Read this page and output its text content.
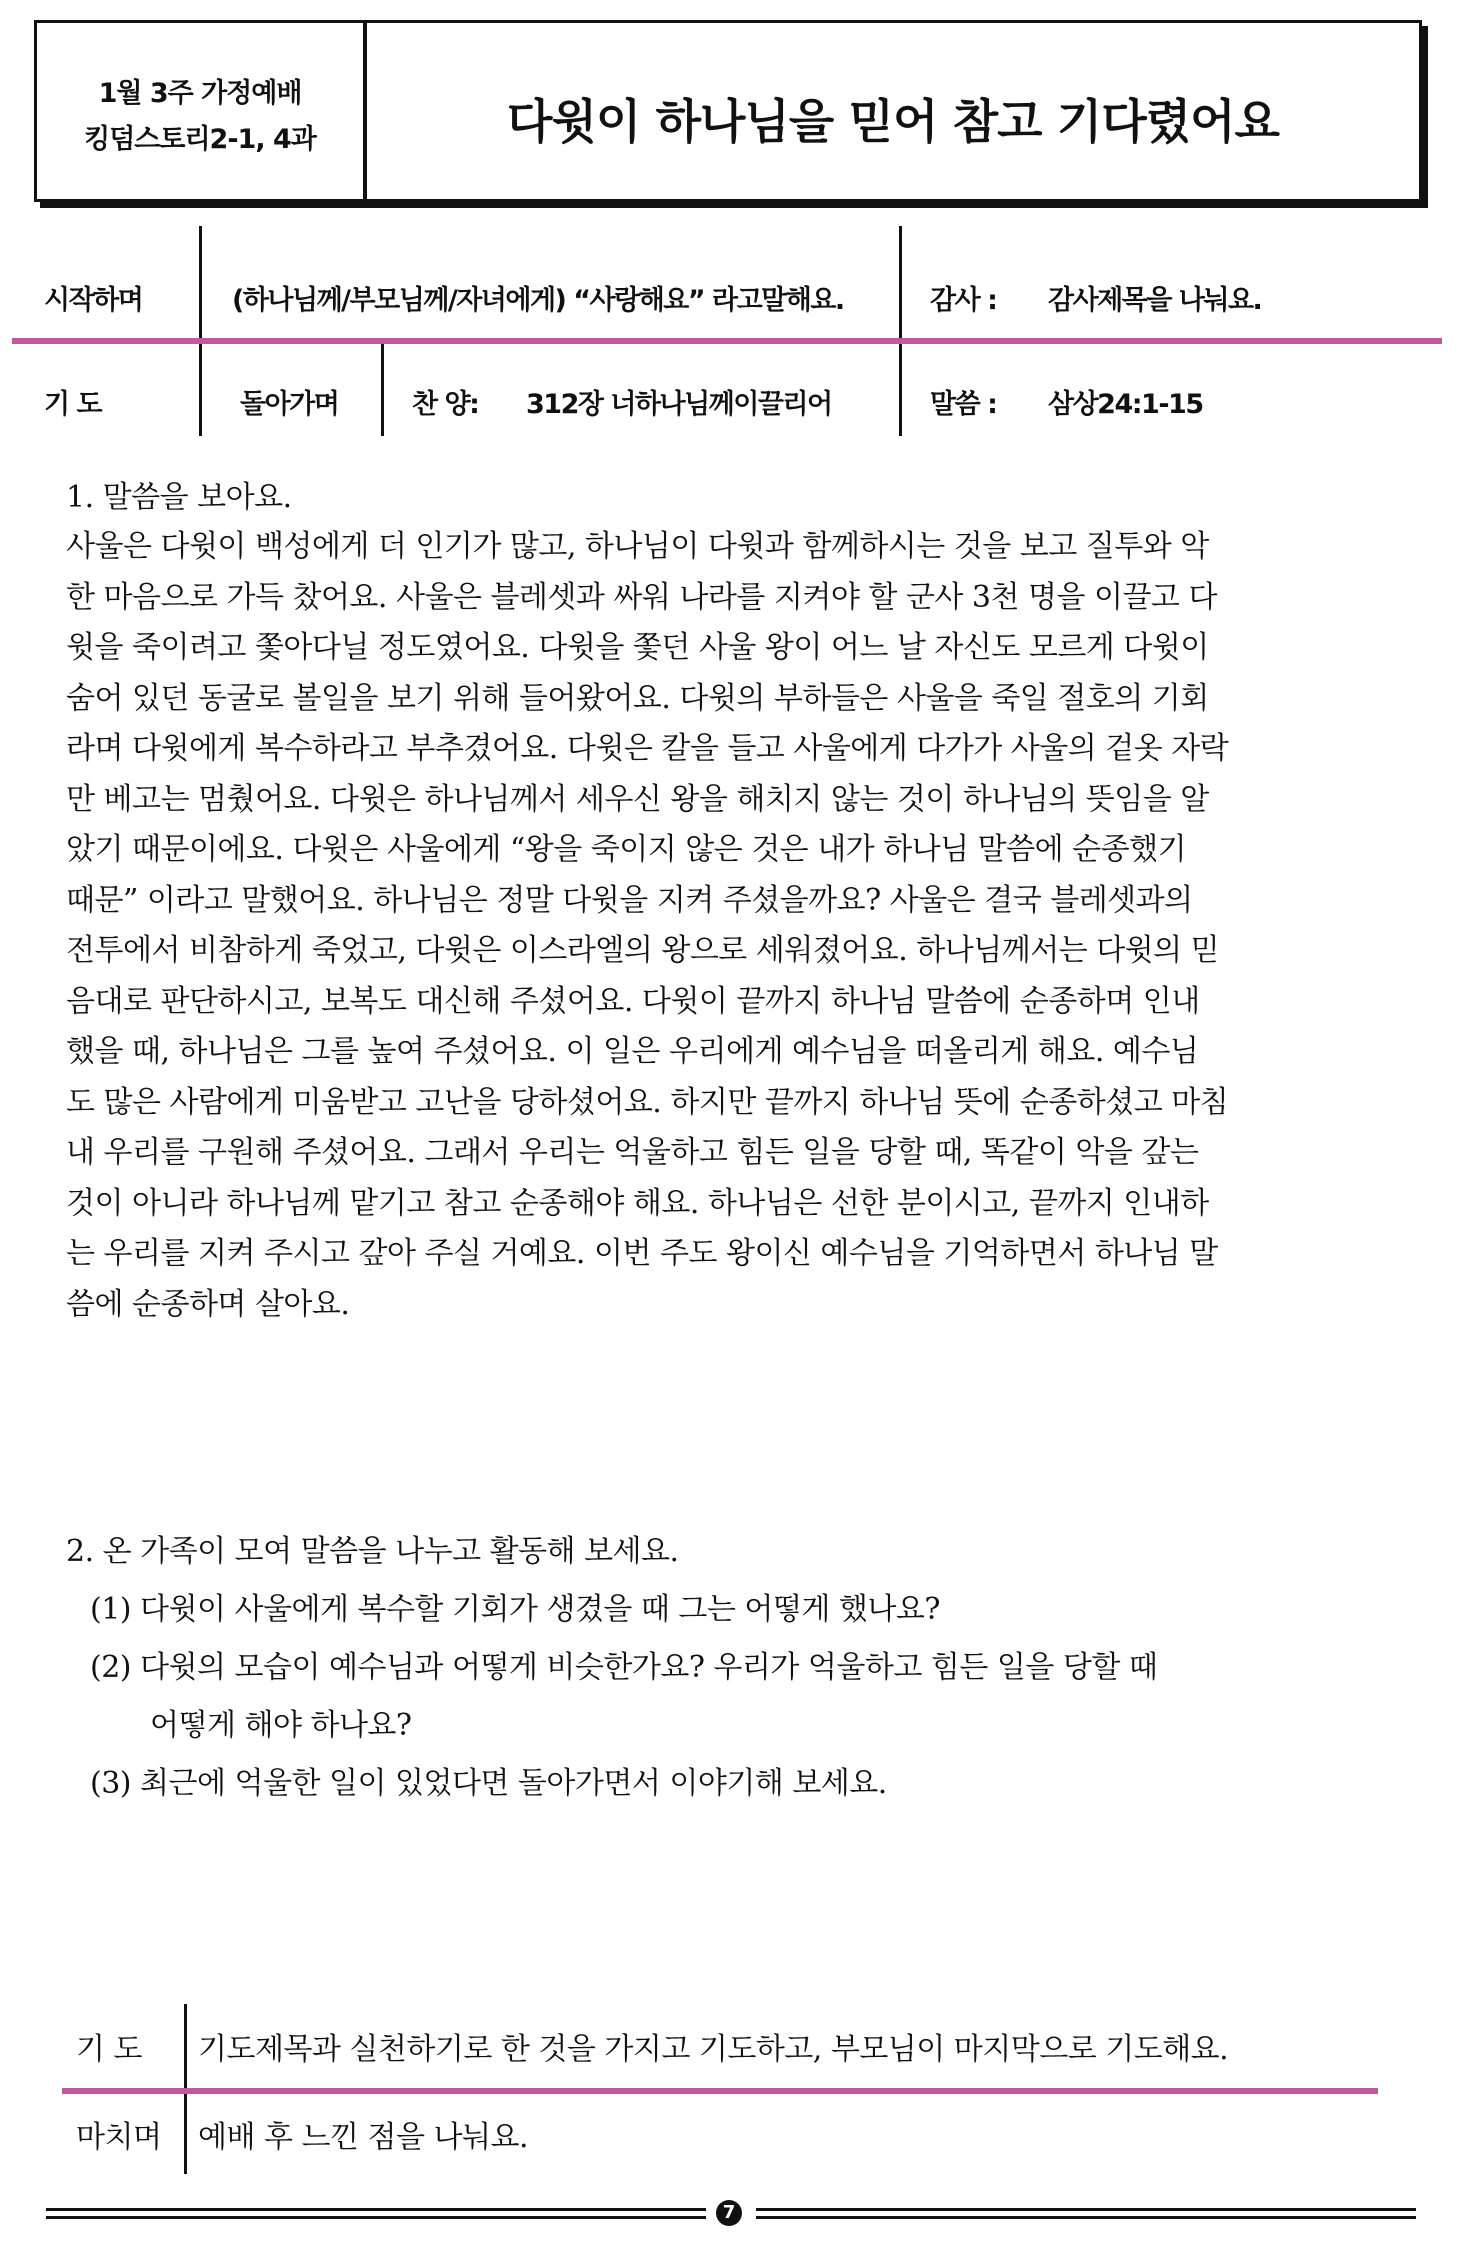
1월 3주 가정예배
킹덤스토리2-1, 4과	다윗이 하나님을 믿어 참고 기다렸어요
시작하며	(하나님께/부모님께/자녀에게) “사랑해요” 라고말해요.	감사 : 감사제목을 나눠요.
기 도	돌아가며	찬 양: 312장 너하나님께이끌리어	말씀 : 삼상24:1-15
1. 말씀을 보아요.
사울은 다윗이 백성에게 더 인기가 많고, 하나님이 다윗과 함께하시는 것을 보고 질투와 악
한 마음으로 가득 찼어요. 사울은 블레셋과 싸워 나라를 지켜야 할 군사 3천 명을 이끌고 다
윗을 죽이려고 쫓아다닐 정도였어요. 다윗을 쫓던 사울 왕이 어느 날 자신도 모르게 다윗이
숨어 있던 동굴로 볼일을 보기 위해 들어왔어요. 다윗의 부하들은 사울을 죽일 절호의 기회
라며 다윗에게 복수하라고 부추겼어요. 다윗은 칼을 들고 사울에게 다가가 사울의 겉옷 자락
만 베고는 멈췄어요. 다윗은 하나님께서 세우신 왕을 해치지 않는 것이 하나님의 뜻임을 알
았기 때문이에요. 다윗은 사울에게 “왕을 죽이지 않은 것은 내가 하나님 말씀에 순종했기
때문” 이라고 말했어요. 하나님은 정말 다윗을 지켜 주셨을까요? 사울은 결국 블레셋과의
전투에서 비참하게 죽었고, 다윗은 이스라엘의 왕으로 세워졌어요. 하나님께서는 다윗의 믿
음대로 판단하시고, 보복도 대신해 주셨어요. 다윗이 끝까지 하나님 말씀에 순종하며 인내
했을 때, 하나님은 그를 높여 주셨어요. 이 일은 우리에게 예수님을 떠올리게 해요. 예수님
도 많은 사람에게 미움받고 고난을 당하셨어요. 하지만 끝까지 하나님 뜻에 순종하셨고 마침
내 우리를 구원해 주셨어요. 그래서 우리는 억울하고 힘든 일을 당할 때, 똑같이 악을 갚는
것이 아니라 하나님께 맡기고 참고 순종해야 해요. 하나님은 선한 분이시고, 끝까지 인내하
는 우리를 지켜 주시고 갚아 주실 거예요. 이번 주도 왕이신 예수님을 기억하면서 하나님 말
씀에 순종하며 살아요.
2. 온 가족이 모여 말씀을 나누고 활동해 보세요.
(1) 다윗이 사울에게 복수할 기회가 생겼을 때 그는 어떻게 했나요?
(2) 다윗의 모습이 예수님과 어떻게 비슷한가요? 우리가 억울하고 힘든 일을 당할 때
어떻게 해야 하나요?
(3) 최근에 억울한 일이 있었다면 돌아가면서 이야기해 보세요.
기 도 기도제목과 실천하기로 한 것을 가지고 기도하고, 부모님이 마지막으로 기도해요.
마치며 예배 후 느낀 점을 나눠요.
7
